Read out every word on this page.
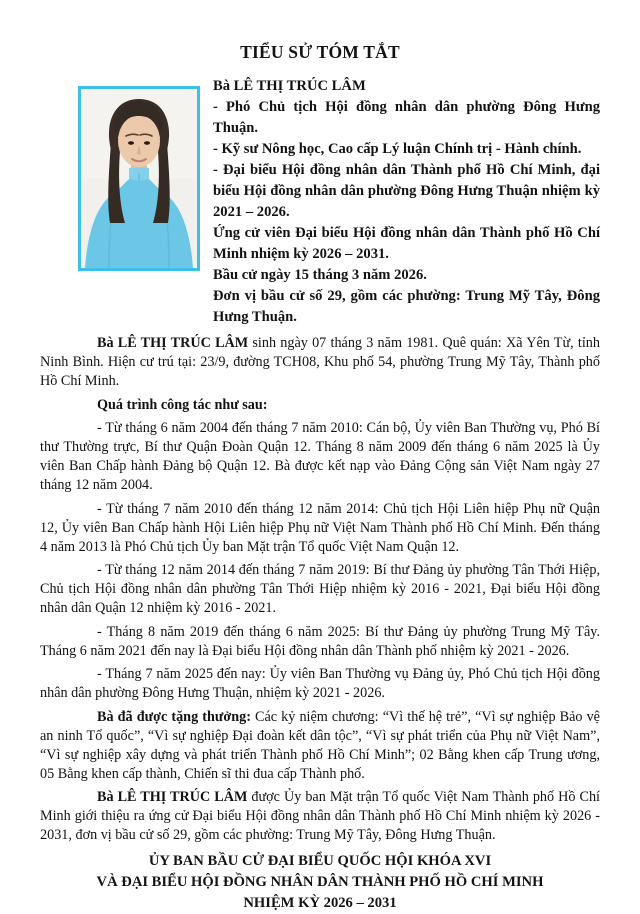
TIỂU SỬ TÓM TẮT

Bà LÊ THỊ TRÚC LÂM

- Phó Chủ tịch Hội đồng nhân dân phường Đông Hưng Thuận.

- Kỹ sư Nông học, Cao cấp Lý luận Chính trị - Hành chính.

- Đại biểu Hội đồng nhân dân Thành phố Hồ Chí Minh, đại biểu Hội đồng nhân dân phường Đông Hưng Thuận nhiệm kỳ 2021 – 2026.

Ứng cử viên Đại biểu Hội đồng nhân dân Thành phố Hồ Chí Minh nhiệm kỳ 2026 – 2031.

Bầu cử ngày 15 tháng 3 năm 2026.

Đơn vị bầu cử số 29, gồm các phường: Trung Mỹ Tây, Đông Hưng Thuận.

Bà LÊ THỊ TRÚC LÂM sinh ngày 07 tháng 3 năm 1981. Quê quán: Xã Yên Từ, tỉnh Ninh Bình. Hiện cư trú tại: 23/9, đường TCH08, Khu phố 54, phường Trung Mỹ Tây, Thành phố Hồ Chí Minh.

Quá trình công tác như sau:

- Từ tháng 6 năm 2004 đến tháng 7 năm 2010: Cán bộ, Ủy viên Ban Thường vụ, Phó Bí thư Thường trực, Bí thư Quận Đoàn Quận 12. Tháng 8 năm 2009 đến tháng 6 năm 2025 là Ủy viên Ban Chấp hành Đảng bộ Quận 12. Bà được kết nạp vào Đảng Cộng sản Việt Nam ngày 27 tháng 12 năm 2004.

- Từ tháng 7 năm 2010 đến tháng 12 năm 2014: Chủ tịch Hội Liên hiệp Phụ nữ Quận 12, Ủy viên Ban Chấp hành Hội Liên hiệp Phụ nữ Việt Nam Thành phố Hồ Chí Minh. Đến tháng 4 năm 2013 là Phó Chủ tịch Ủy ban Mặt trận Tổ quốc Việt Nam Quận 12.

- Từ tháng 12 năm 2014 đến tháng 7 năm 2019: Bí thư Đảng ủy phường Tân Thới Hiệp, Chủ tịch Hội đồng nhân dân phường Tân Thới Hiệp nhiệm kỳ 2016 - 2021, Đại biểu Hội đồng nhân dân Quận 12 nhiệm kỳ 2016 - 2021.

- Tháng 8 năm 2019 đến tháng 6 năm 2025: Bí thư Đảng ủy phường Trung Mỹ Tây. Tháng 6 năm 2021 đến nay là Đại biểu Hội đồng nhân dân Thành phố nhiệm kỳ 2021 - 2026.

- Tháng 7 năm 2025 đến nay: Ủy viên Ban Thường vụ Đảng ủy, Phó Chủ tịch Hội đồng nhân dân phường Đông Hưng Thuận, nhiệm kỳ 2021 - 2026.

Bà đã được tặng thưởng: Các kỷ niệm chương: “Vì thế hệ trẻ”, “Vì sự nghiệp Bảo vệ an ninh Tổ quốc”, “Vì sự nghiệp Đại đoàn kết dân tộc”, “Vì sự phát triển của Phụ nữ Việt Nam”, “Vì sự nghiệp xây dựng và phát triển Thành phố Hồ Chí Minh”; 02 Bằng khen cấp Trung ương, 05 Bằng khen cấp thành, Chiến sĩ thi đua cấp Thành phố.

Bà LÊ THỊ TRÚC LÂM được Ủy ban Mặt trận Tổ quốc Việt Nam Thành phố Hồ Chí Minh giới thiệu ra ứng cử Đại biểu Hội đồng nhân dân Thành phố Hồ Chí Minh nhiệm kỳ 2026 - 2031, đơn vị bầu cử số 29, gồm các phường: Trung Mỹ Tây, Đông Hưng Thuận.

ỦY BAN BẦU CỬ ĐẠI BIỂU QUỐC HỘI KHÓA XVI

VÀ ĐẠI BIỂU HỘI ĐỒNG NHÂN DÂN THÀNH PHỐ HỒ CHÍ MINH

NHIỆM KỲ 2026 – 2031
